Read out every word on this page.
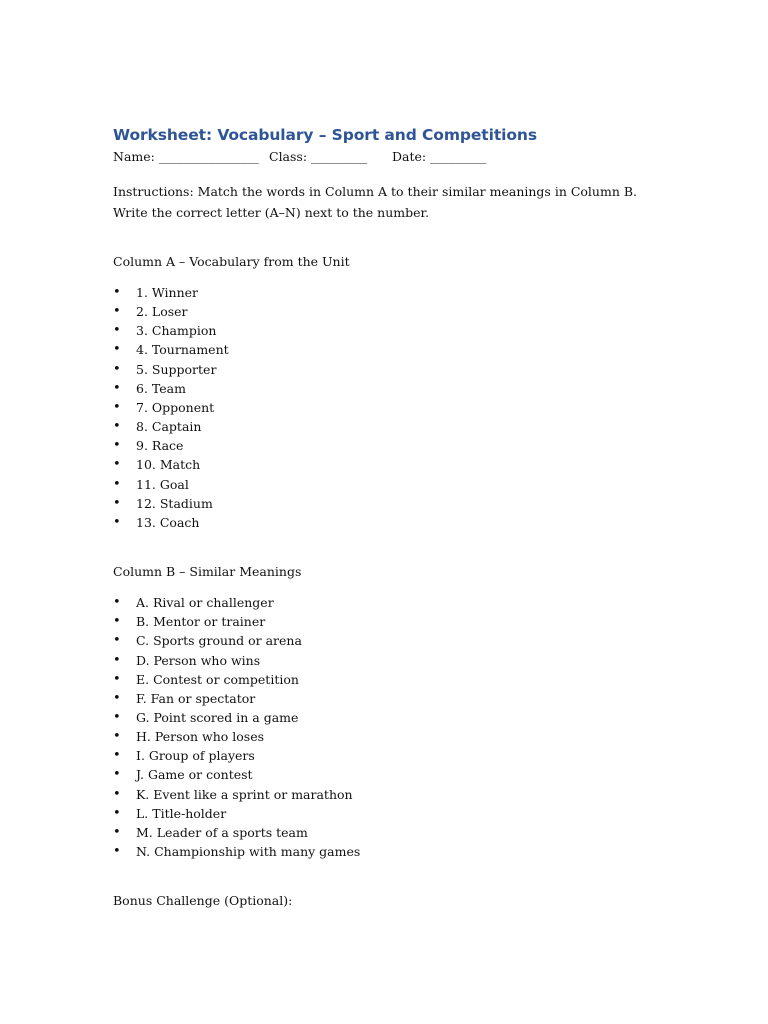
Worksheet: Vocabulary – Sport and Competitions
Name: ________________ Class: _________ Date: _________

Instructions: Match the words in Column A to their similar meanings in Column B. Write the correct letter (A–N) next to the number.

Column A – Vocabulary from the Unit
• 1. Winner
• 2. Loser
• 3. Champion
• 4. Tournament
• 5. Supporter
• 6. Team
• 7. Opponent
• 8. Captain
• 9. Race
• 10. Match
• 11. Goal
• 12. Stadium
• 13. Coach
Column B – Similar Meanings
• A. Rival or challenger
• B. Mentor or trainer
• C. Sports ground or arena
• D. Person who wins
• E. Contest or competition
• F. Fan or spectator
• G. Point scored in a game
• H. Person who loses
• I. Group of players
• J. Game or contest
• K. Event like a sprint or marathon
• L. Title-holder
• M. Leader of a sports team
• N. Championship with many games
Bonus Challenge (Optional):
